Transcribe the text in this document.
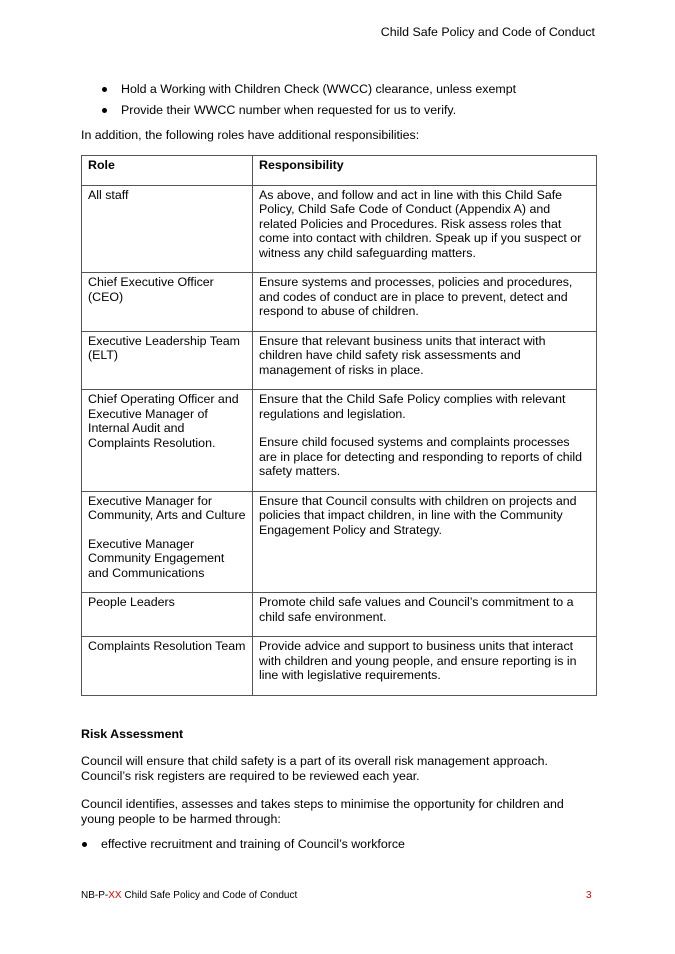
Child Safe Policy and Code of Conduct
Hold a Working with Children Check (WWCC) clearance, unless exempt
Provide their WWCC number when requested for us to verify.
In addition, the following roles have additional responsibilities:
Role	Responsibility

All staff	As above, and follow and act in line with this Child Safe Policy, Child Safe Code of Conduct (Appendix A) and related Policies and Procedures. Risk assess roles that come into contact with children. Speak up if you suspect or witness any child safeguarding matters.

Chief Executive Officer (CEO)	Ensure systems and processes, policies and procedures, and codes of conduct are in place to prevent, detect and respond to abuse of children.

Executive Leadership Team (ELT)	Ensure that relevant business units that interact with children have child safety risk assessments and management of risks in place.

Chief Operating Officer and Executive Manager of Internal Audit and Complaints Resolution.	Ensure that the Child Safe Policy complies with relevant regulations and legislation.
Ensure child focused systems and complaints processes are in place for detecting and responding to reports of child safety matters.

Executive Manager for Community, Arts and Culture
Executive Manager Community Engagement and Communications	Ensure that Council consults with children on projects and policies that impact children, in line with the Community Engagement Policy and Strategy.

People Leaders	Promote child safe values and Council’s commitment to a child safe environment.

Complaints Resolution Team	Provide advice and support to business units that interact with children and young people, and ensure reporting is in line with legislative requirements.
Risk Assessment
Council will ensure that child safety is a part of its overall risk management approach. Council’s risk registers are required to be reviewed each year.
Council identifies, assesses and takes steps to minimise the opportunity for children and young people to be harmed through:
effective recruitment and training of Council’s workforce
NB-P-XX Child Safe Policy and Code of Conduct	3
